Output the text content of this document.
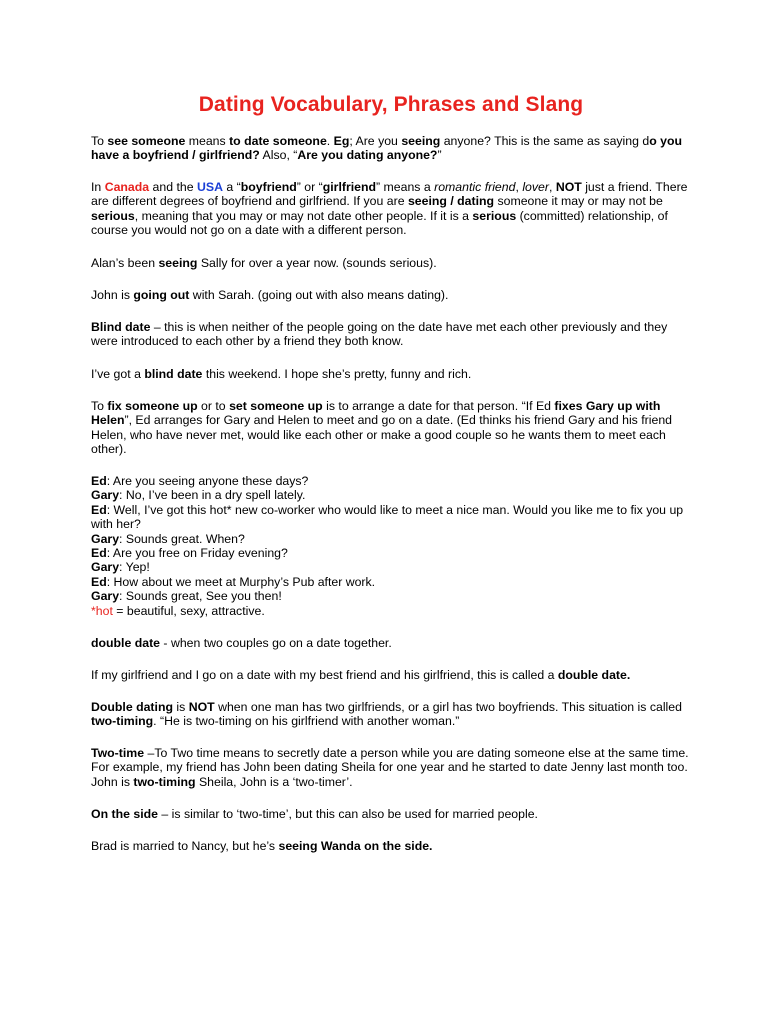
Dating Vocabulary, Phrases and Slang

To see someone means to date someone. Eg; Are you seeing anyone? This is the same as saying do you have a boyfriend / girlfriend? Also, “Are you dating anyone?”

In Canada and the USA a “boyfriend” or “girlfriend” means a romantic friend, lover, NOT just a friend. There are different degrees of boyfriend and girlfriend. If you are seeing / dating someone it may or may not be serious, meaning that you may or may not date other people. If it is a serious (committed) relationship, of course you would not go on a date with a different person.

Alan’s been seeing Sally for over a year now. (sounds serious).

John is going out with Sarah. (going out with also means dating).

Blind date – this is when neither of the people going on the date have met each other previously and they were introduced to each other by a friend they both know.

I’ve got a blind date this weekend. I hope she’s pretty, funny and rich.

To fix someone up or to set someone up is to arrange a date for that person. “If Ed fixes Gary up with Helen”, Ed arranges for Gary and Helen to meet and go on a date. (Ed thinks his friend Gary and his friend Helen, who have never met, would like each other or make a good couple so he wants them to meet each other).

Ed: Are you seeing anyone these days?

Gary: No, I’ve been in a dry spell lately.

Ed: Well, I’ve got this hot* new co-worker who would like to meet a nice man. Would you like me to fix you up with her?

Gary: Sounds great. When?

Ed: Are you free on Friday evening?

Gary: Yep!

Ed: How about we meet at Murphy’s Pub after work.

Gary: Sounds great, See you then!

*hot = beautiful, sexy, attractive.

double date - when two couples go on a date together.

If my girlfriend and I go on a date with my best friend and his girlfriend, this is called a double date.

Double dating is NOT when one man has two girlfriends, or a girl has two boyfriends. This situation is called two-timing. “He is two-timing on his girlfriend with another woman.”

Two-time –To Two time means to secretly date a person while you are dating someone else at the same time. For example, my friend has John been dating Sheila for one year and he started to date Jenny last month too. John is two-timing Sheila, John is a ‘two-timer’.

On the side – is similar to ‘two-time’, but this can also be used for married people.

Brad is married to Nancy, but he’s seeing Wanda on the side.
